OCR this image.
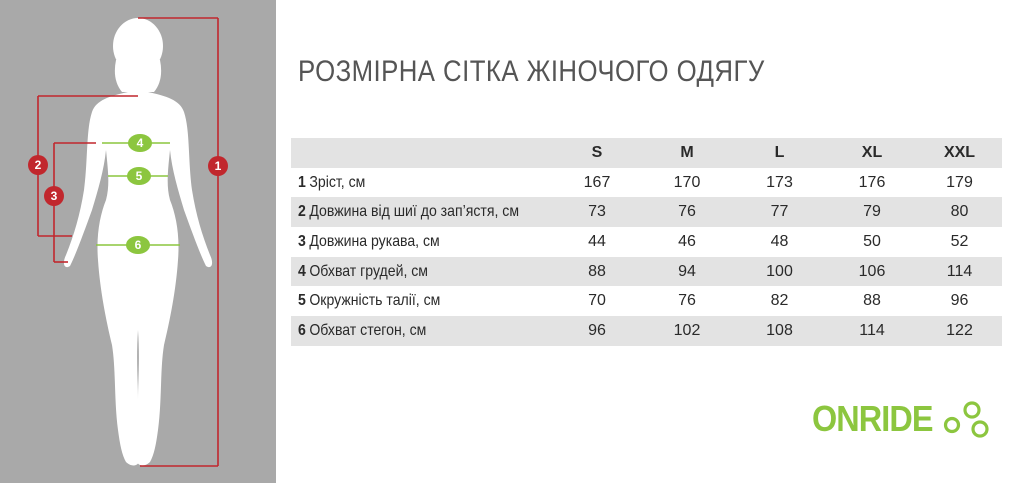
1
2
3
4
5
6
РОЗМІРНА СІТКА ЖІНОЧОГО ОДЯГУ
	S	M	L	XL	XXL
1 Зріст, см	167	170	173	176	179
2 Довжина від шиї до зап’ястя, см	73	76	77	79	80
3 Довжина рукава, см	44	46	48	50	52
4 Обхват грудей, см	88	94	100	106	114
5 Окружність талії, см	70	76	82	88	96
6 Обхват стегон, см	96	102	108	114	122
ONRIDE
